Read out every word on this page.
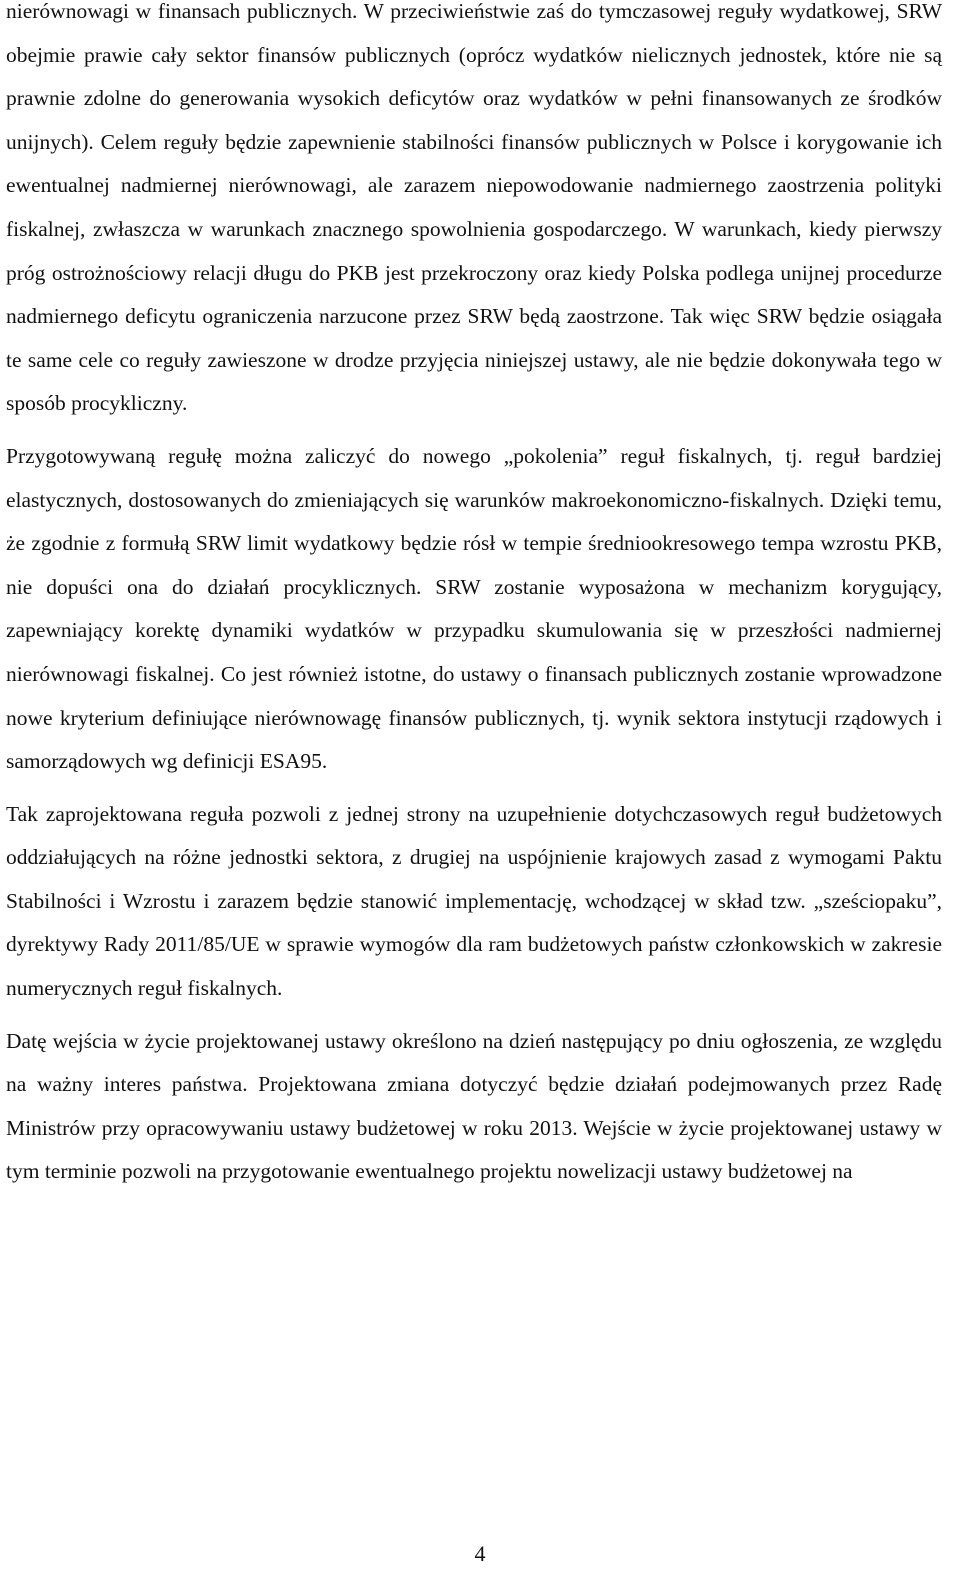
nierównowagi w finansach publicznych. W przeciwieństwie zaś do tymczasowej reguły wydatkowej, SRW obejmie prawie cały sektor finansów publicznych (oprócz wydatków nielicznych jednostek, które nie są prawnie zdolne do generowania wysokich deficytów oraz wydatków w pełni finansowanych ze środków unijnych). Celem reguły będzie zapewnienie stabilności finansów publicznych w Polsce i korygowanie ich ewentualnej nadmiernej nierównowagi, ale zarazem niepowodowanie nadmiernego zaostrzenia polityki fiskalnej, zwłaszcza w warunkach znacznego spowolnienia gospodarczego. W warunkach, kiedy pierwszy próg ostrożnościowy relacji długu do PKB jest przekroczony oraz kiedy Polska podlega unijnej procedurze nadmiernego deficytu ograniczenia narzucone przez SRW będą zaostrzone. Tak więc SRW będzie osiągała te same cele co reguły zawieszone w drodze przyjęcia niniejszej ustawy, ale nie będzie dokonywała tego w sposób procykliczny.

Przygotowywaną regułę można zaliczyć do nowego „pokolenia” reguł fiskalnych, tj. reguł bardziej elastycznych, dostosowanych do zmieniających się warunków makroekonomiczno-fiskalnych. Dzięki temu, że zgodnie z formułą SRW limit wydatkowy będzie rósł w tempie średniookresowego tempa wzrostu PKB, nie dopuści ona do działań procyklicznych. SRW zostanie wyposażona w mechanizm korygujący, zapewniający korektę dynamiki wydatków w przypadku skumulowania się w przeszłości nadmiernej nierównowagi fiskalnej. Co jest również istotne, do ustawy o finansach publicznych zostanie wprowadzone nowe kryterium definiujące nierównowagę finansów publicznych, tj. wynik sektora instytucji rządowych i samorządowych wg definicji ESA95.

Tak zaprojektowana reguła pozwoli z jednej strony na uzupełnienie dotychczasowych reguł budżetowych oddziałujących na różne jednostki sektora, z drugiej na uspójnienie krajowych zasad z wymogami Paktu Stabilności i Wzrostu i zarazem będzie stanowić implementację, wchodzącej w skład tzw. „sześciopaku”, dyrektywy Rady 2011/85/UE w sprawie wymogów dla ram budżetowych państw członkowskich w zakresie numerycznych reguł fiskalnych.

Datę wejścia w życie projektowanej ustawy określono na dzień następujący po dniu ogłoszenia, ze względu na ważny interes państwa. Projektowana zmiana dotyczyć będzie działań podejmowanych przez Radę Ministrów przy opracowywaniu ustawy budżetowej w roku 2013. Wejście w życie projektowanej ustawy w tym terminie pozwoli na przygotowanie ewentualnego projektu nowelizacji ustawy budżetowej na

4
